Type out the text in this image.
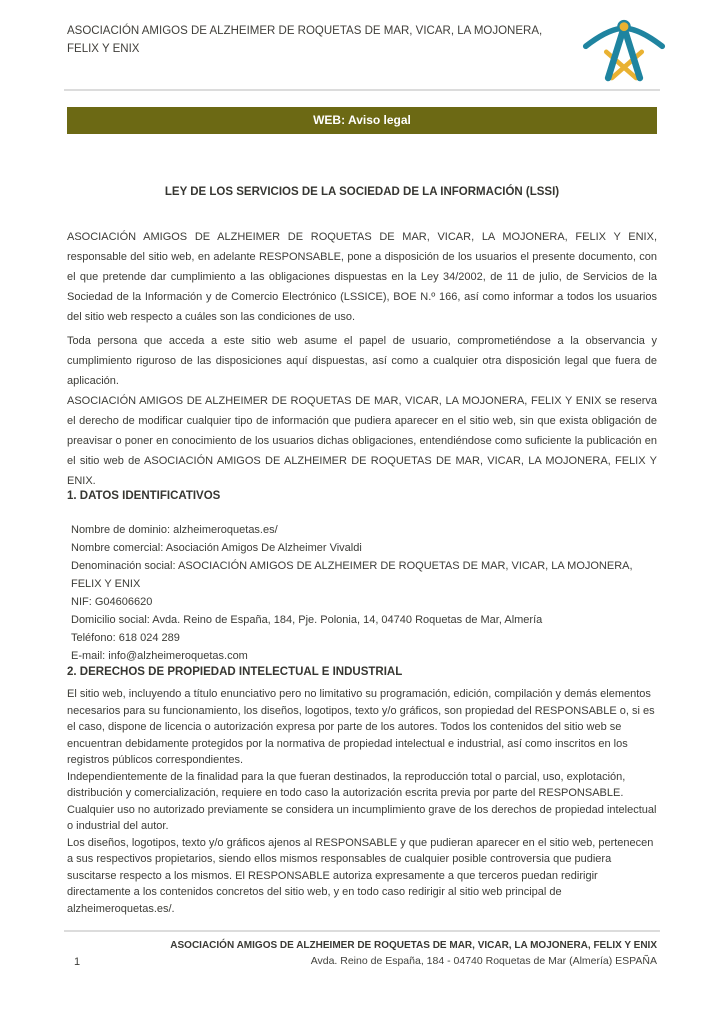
ASOCIACIÓN AMIGOS DE ALZHEIMER DE ROQUETAS DE MAR, VICAR, LA MOJONERA, FELIX Y ENIX
WEB: Aviso legal
LEY DE LOS SERVICIOS DE LA SOCIEDAD DE LA INFORMACIÓN (LSSI)

ASOCIACIÓN AMIGOS DE ALZHEIMER DE ROQUETAS DE MAR, VICAR, LA MOJONERA, FELIX Y ENIX, responsable del sitio web, en adelante RESPONSABLE, pone a disposición de los usuarios el presente documento, con el que pretende dar cumplimiento a las obligaciones dispuestas en la Ley 34/2002, de 11 de julio, de Servicios de la Sociedad de la Información y de Comercio Electrónico (LSSICE), BOE N.º 166, así como informar a todos los usuarios del sitio web respecto a cuáles son las condiciones de uso.

Toda persona que acceda a este sitio web asume el papel de usuario, comprometiéndose a la observancia y cumplimiento riguroso de las disposiciones aquí dispuestas, así como a cualquier otra disposición legal que fuera de aplicación.

ASOCIACIÓN AMIGOS DE ALZHEIMER DE ROQUETAS DE MAR, VICAR, LA MOJONERA, FELIX Y ENIX se reserva el derecho de modificar cualquier tipo de información que pudiera aparecer en el sitio web, sin que exista obligación de preavisar o poner en conocimiento de los usuarios dichas obligaciones, entendiéndose como suficiente la publicación en el sitio web de ASOCIACIÓN AMIGOS DE ALZHEIMER DE ROQUETAS DE MAR, VICAR, LA MOJONERA, FELIX Y ENIX.

1. DATOS IDENTIFICATIVOS
Nombre de dominio: alzheimeroquetas.es/
Nombre comercial: Asociación Amigos De Alzheimer Vivaldi
Denominación social: ASOCIACIÓN AMIGOS DE ALZHEIMER DE ROQUETAS DE MAR, VICAR, LA MOJONERA, FELIX Y ENIX
NIF: G04606620
Domicilio social: Avda. Reino de España, 184, Pje. Polonia, 14, 04740 Roquetas de Mar, Almería
Teléfono: 618 024 289
E-mail: info@alzheimeroquetas.com
2. DERECHOS DE PROPIEDAD INTELECTUAL E INDUSTRIAL

El sitio web, incluyendo a título enunciativo pero no limitativo su programación, edición, compilación y demás elementos necesarios para su funcionamiento, los diseños, logotipos, texto y/o gráficos, son propiedad del RESPONSABLE o, si es el caso, dispone de licencia o autorización expresa por parte de los autores. Todos los contenidos del sitio web se encuentran debidamente protegidos por la normativa de propiedad intelectual e industrial, así como inscritos en los registros públicos correspondientes.

Independientemente de la finalidad para la que fueran destinados, la reproducción total o parcial, uso, explotación, distribución y comercialización, requiere en todo caso la autorización escrita previa por parte del RESPONSABLE. Cualquier uso no autorizado previamente se considera un incumplimiento grave de los derechos de propiedad intelectual o industrial del autor.

Los diseños, logotipos, texto y/o gráficos ajenos al RESPONSABLE y que pudieran aparecer en el sitio web, pertenecen a sus respectivos propietarios, siendo ellos mismos responsables de cualquier posible controversia que pudiera suscitarse respecto a los mismos. El RESPONSABLE autoriza expresamente a que terceros puedan redirigir directamente a los contenidos concretos del sitio web, y en todo caso redirigir al sitio web principal de alzheimeroquetas.es/.

ASOCIACIÓN AMIGOS DE ALZHEIMER DE ROQUETAS DE MAR, VICAR, LA MOJONERA, FELIX Y ENIX
Avda. Reino de España, 184 - 04740 Roquetas de Mar (Almería) ESPAÑA
1
